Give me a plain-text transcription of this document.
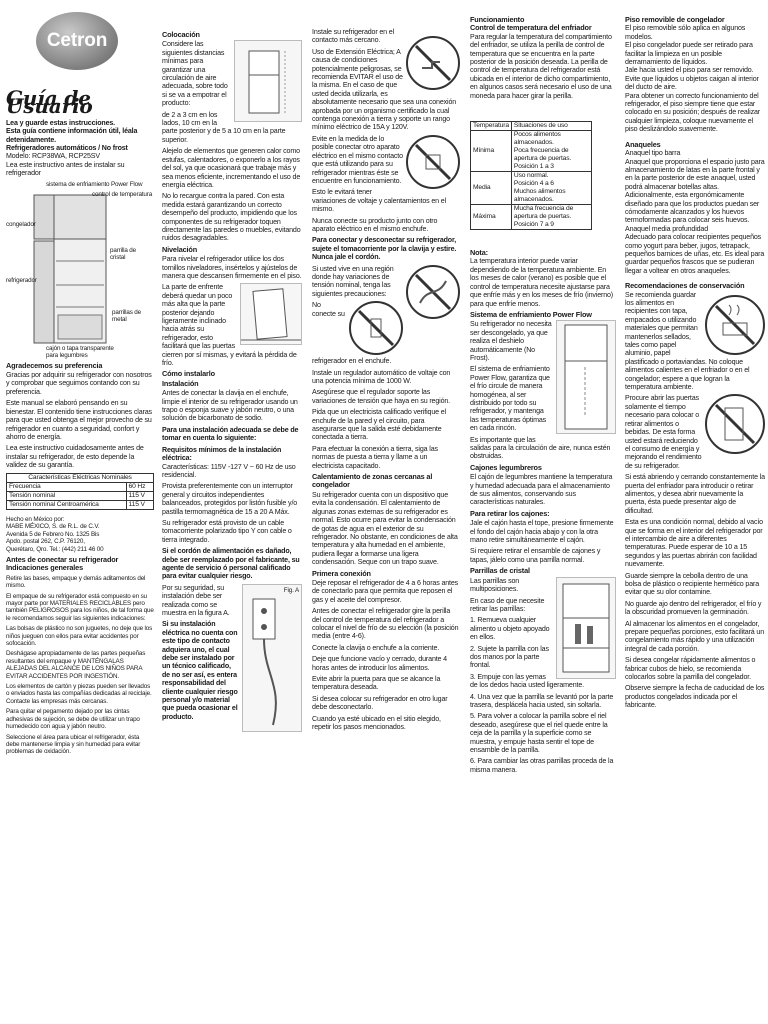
Cetron
Guía de Usuario

Lea y guarde estas instrucciones.

Esta guía contiene información útil, léala detenidamente.

Refrigeradores automáticos / No frost

Modelo: RCP38WA, RCP25SV

Lea este instructivo antes de instalar su refrigerador

sistema de enfriamiento Power Flow
control de temperatura
congelador
parrilla de cristal
refrigerador
parrillas de metal
cajón o tapa transparente para legumbres
Agradecemos su preferencia

Gracias por adquirir su refrigerador con nosotros y comprobar que seguimos contando con su preferencia.

Este manual se elaboró pensando en su bienestar. El contenido tiene instrucciones claras para que usted obtenga el mejor provecho de su refrigerador en cuanto a seguridad, confort y ahorro de energía.

Lea este instructivo cuidadosamente antes de instalar su refrigerador, de esto depende la validez de su garantía.

Características Eléctricas Nominales
Frecuencia	60 Hz
Tensión nominal	115 V
Tensión nominal Centroamérica	115 V
Hecho en México por:
MABE MÉXICO, S. de R.L. de C.V.
Avenida 5 de Febrero No. 1325 Bis
Apdo. postal 262, C.P. 76120,
Querétaro, Qro. Tel.: (442) 211 46 00
Antes de conectar su refrigerador
Indicaciones generales

Retire las bases, empaque y demás aditamentos del mismo.

El empaque de su refrigerador está compuesto en su mayor parte por MATERIALES RECICLABLES pero también PELIGROSOS para los niños, de tal forma que le recomendamos seguir las siguientes indicaciones:

Las bolsas de plástico no son juguetes, no deje que los niños jueguen con ellos para evitar accidentes por sofocación.

Deshágase apropiadamente de las partes pequeñas resultantes del empaque y MANTÉNGALAS ALEJADAS DEL ALCANCE DE LOS NIÑOS PARA EVITAR ACCIDENTES POR INGESTIÓN.

Los elementos de cartón y piezas pueden ser llevados o enviados hasta las compañías dedicadas al reciclaje. Contacte las empresas más cercanas.

Para quitar el pegamento dejado por las cintas adhesivas de sujeción, se debe de utilizar un trapo humedecido con agua y jabón neutro.

Seleccione el área para ubicar el refrigerador, ésta debe mantenerse limpia y sin humedad para evitar problemas de oxidación.

Colocación

Considere las siguientes distancias mínimas para garantizar una circulación de aire adecuada, sobre todo si se va a empotrar el producto:

de 2 a 3 cm en los lados, 10 cm en la parte posterior y de 5 a 10 cm en la parte superior.

Alejelo de elementos que generen calor como estufas, calentadores, o exponerlo a los rayos del sol, ya que ocasionará que trabaje más y sea menos eficiente, incrementando el uso de energía eléctrica.

No lo recargue contra la pared. Con esta medida estará garantizando un correcto desempeño del producto, impidiendo que los componentes de su refrigerador toquen directamente las paredes o muebles, evitando ruidos desagradables.

Nivelación

Para nivelar el refrigerador utilice los dos tornillos niveladores, insértelos y ajústelos de manera que descansen firmemente en el piso.

La parte de enfrente deberá quedar un poco más alta que la parte posterior dejando ligeramente inclinado hacia atrás su refrigerador, esto facilitará que las puertas cierren por sí mismas, y evitará la pérdida de frío.

Cómo instalarlo
Instalación

Antes de conectar la clavija en el enchufe, limpie el interior de su refrigerador usando un trapo o esponja suave y jabón neutro, o una solución de bicarbonato de sodio.

Para una instalación adecuada se debe de tomar en cuenta lo siguiente:

Requisitos mínimos de la instalación eléctrica:

Características: 115V -127 V ~ 60 Hz de uso residencial.

Provista preferentemente con un interruptor general y circuitos independientes balanceados, protegidos por listón fusible y/o pastilla termomagnética de 15 a 20 A Máx.

Su refrigerador está provisto de un cable tomacorriente polarizado tipo Y con cable o tierra integrado.

Si el cordón de alimentación es dañado, debe ser reemplazado por el fabricante, su agente de servicio ó personal calificado para evitar cualquier riesgo.

Fig. A

Por su seguridad, su instalación debe ser realizada como se muestra en la figura A.

Si su instalación eléctrica no cuenta con este tipo de contacto adquiera uno, el cual debe ser instalado por un técnico calificado, de no ser así, es entera responsabilidad del cliente cualquier riesgo personal y/o material que pueda ocasionar el producto.

Instale su refrigerador en el contacto más cercano.

Uso de Extensión Eléctrica; A causa de condiciones potencialmente peligrosas, se recomienda EVITAR el uso de la misma. En el caso de que usted decida utilizarla, es absolutamente necesario que sea una conexión aprobada por un organismo certificado la cual contenga conexión a tierra y soporte un rango mínimo eléctrico de 15A y 120V.

Evite en la medida de lo posible conectar otro aparato eléctrico en el mismo contacto que está utilizando para su refrigerador mientras éste se encuentre en funcionamiento.

Esto le evitará tener variaciones de voltaje y calentamientos en el mismo.

Nunca conecte su producto junto con otro aparato eléctrico en el mismo enchufe.

Para conectar y desconectar su refrigerador, sujete el tomacorriente por la clavija y estire. Nunca jale el cordón.

Si usted vive en una región donde hay variaciones de tensión nominal, tenga las siguientes precauciones:

No conecte su refrigerador en el enchufe.

Instale un regulador automático de voltaje con una potencia mínima de 1000 W.

Asegúrese que el regulador soporte las variaciones de tensión que haya en su región.

Pida que un electricista calificado verifique el enchufe de la pared y el circuito, para asegurarse que la salida esté debidamente conectada a tierra.

Para efectuar la conexión a tierra, siga las normas de puesta a tierra y llame a un electricista capacitado.

Calentamiento de zonas cercanas al congelador

Su refrigerador cuenta con un dispositivo que evita la condensación. El calentamiento de algunas zonas externas de su refrigerador es normal. Esto ocurre para evitar la condensación de gotas de agua en el exterior de su refrigerador. No obstante, en condiciones de alta temperatura y alta humedad en el ambiente, pudiera llegar a formarse una ligera condensación. Seque con un trapo suave.

Primera conexión

Deje reposar el refrigerador de 4 a 6 horas antes de conectarlo para que permita que reposen el gas y el aceite del compresor.

Antes de conectar el refrigerador gire la perilla del control de temperatura del refrigerador a colocar el nivel de frío de su elección (la posición media (entre 4-6).

Conecte la clavija o enchufe a la corriente.

Deje que funcione vacío y cerrado, durante 4 horas antes de introducir los alimentos.

Evite abrir la puerta para que se alcance la temperatura deseada.

Si desea colocar su refrigerador en otro lugar debe desconectarlo.

Cuando ya esté ubicado en el sitio elegido, repetir los pasos mencionados.

Funcionamiento
Control de temperatura del enfriador

Para regular la temperatura del compartimiento del enfriador, se utiliza la perilla de control de temperatura que se encuentra en la parte posterior de la posición deseada. La perilla de control de temperatura del refrigerador está ubicada en el interior de dicho compartimiento, en algunos casos será necesario el uso de una moneda para hacer girar la perilla.

Temperatura	Situaciones de uso
Mínima	Pocos alimentos almacenados.
Poca frecuencia de apertura de puertas.
Posición 1 a 3

Media	Uso normal.
Posición 4 a 6
Muchos alimentos almacenados.

Máxima	Mucha frecuencia de apertura de puertas.
Posición 7 a 9
Nota:

La temperatura interior puede variar dependiendo de la temperatura ambiente. En los meses de calor (verano) es posible que el control de temperatura necesite ajustarse para que enfríe más y en los meses de frío (invierno) para que enfríe menos.

Sistema de enfriamiento Power Flow

Su refrigerador no necesita ser descongelado, ya que realiza el deshielo automáticamente (No Frost).

El sistema de enfriamiento Power Flow, garantiza que el frío circule de manera homogénea, al ser distribuido por todo su refrigerador, y mantenga las temperaturas óptimas en cada rincón.

Es importante que las salidas para la circulación de aire, nunca estén obstruidas.

Cajones legumbreros

El cajón de legumbres mantiene la temperatura y humedad adecuada para el almacenamiento de sus alimentos, conservando sus características naturales.

Para retirar los cajones:

Jale el cajón hasta el tope, presione firmemente el fondo del cajón hacia abajo y con la otra mano retire simultáneamente el cajón.

Si requiere retirar el ensamble de cajones y tapas, jálelo como una parrilla normal.

Parrillas de cristal

Las parrillas son multiposiciones.

En caso de que necesite retirar las parrillas:

1. Remueva cualquier alimento u objeto apoyado en ellos.

2. Sujete la parrilla con las dos manos por la parte frontal.

3. Empuje con las yemas de los dedos hacia usted ligeramente.

4. Una vez que la parrilla se levantó por la parte trasera, desplácela hacia usted, sin soltarla.

5. Para volver a colocar la parrilla sobre el riel deseado, asegúrese que el riel quede entre la ceja de la parrilla y la superficie como se muestra, y empuje hasta sentir el tope de ensamble de la parrilla.

6. Para cambiar las otras parrillas proceda de la misma manera.

Piso removible de congelador

El piso removible sólo aplica en algunos modelos.

El piso congelador puede ser retirado para facilitar la limpieza en un posible derramamiento de líquidos.

Jale hacia usted el piso para ser removido.

Evite que líquidos u objetos caigan al interior del ducto de aire.

Para obtener un correcto funcionamiento del refrigerador, el piso siempre tiene que estar colocado en su posición; después de realizar cualquier limpieza, coloque nuevamente el piso deslizándolo suavemente.

Anaqueles

Anaquel tipo barra

Anaquel que proporciona el espacio justo para almacenamiento de latas en la parte frontal y en la parte posterior de este anaquel, usted podrá almacenar botellas altas. Adicionalmente, esta ergonómicamente diseñado para que los productos puedan ser cómodamente alcanzados y los huevos termoformadas para colocar seis huevos.

Anaquel media profundidad

Adecuado para colocar recipientes pequeños como yogurt para beber, jugos, tetrapack, pequeños barnices de uñas, etc. Es ideal para guardar pequeños frascos que se pudieran llegar a voltear en otros anaqueles.

Recomendaciones de conservación

Se recomienda guardar los alimentos en recipientes con tapa, empacados o utilizando materiales que permitan mantenerlos sellados, tales como papel aluminio, papel plastificado o portaviandas. No coloque alimentos calientes en el enfriador o en el congelador; espere a que logran la temperatura ambiente.

Procure abrir las puertas solamente el tiempo necesario para colocar o retirar alimentos o bebidas. De esta forma usted estará reduciendo el consumo de energía y mejorando el rendimiento de su refrigerador.

Si está abriendo y cerrando constantemente la puerta del enfriador para introducir o retirar alimentos, y desea abrir nuevamente la puerta, ésta puede presentar algo de dificultad.

Esta es una condición normal, debido al vacío que se forma en el interior del refrigerador por el intercambio de aire a diferentes temperaturas. Puede esperar de 10 a 15 segundos y las puertas abrirán con facilidad nuevamente.

Guarde siempre la cebolla dentro de una bolsa de plástico o recipiente hermético para evitar que su olor contamine.

No guarde ajo dentro del refrigerador, el frío y la obscuridad promueven la germinación.

Al almacenar los alimentos en el congelador, prepare pequeñas porciones, esto facilitará un congelamiento más rápido y una utilización integral de cada porción.

Si desea congelar rápidamente alimentos o fabricar cubos de hielo, se recomienda colocarlos sobre la parrilla del congelador.

Observe siempre la fecha de caducidad de los productos congelados indicada por el fabricante.
